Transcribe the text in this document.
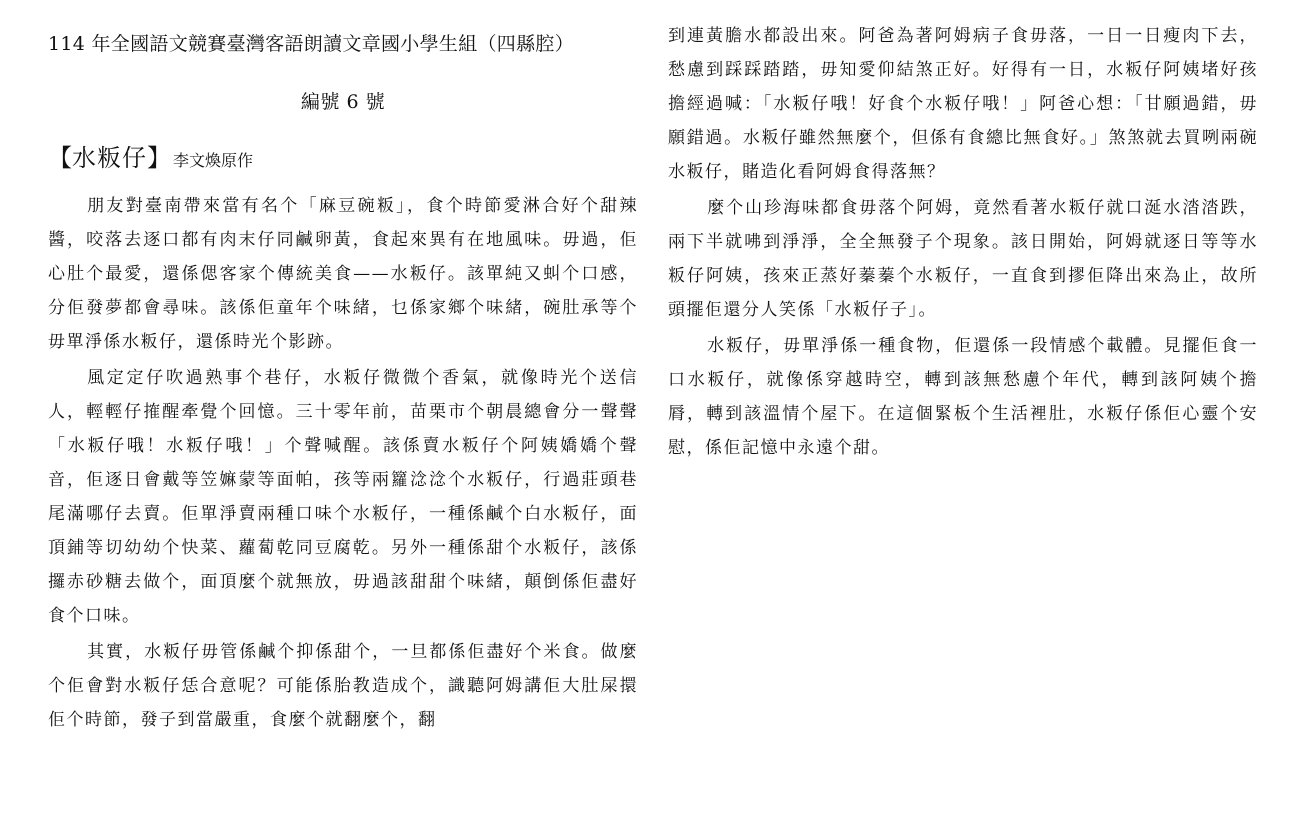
114 年全國語文競賽臺灣客語朗讀文章國小學生組（四縣腔）
編號 6 號
【水粄仔】 李文煥原作

朋友對臺南帶來當有名个「麻豆碗粄」，食个時節愛淋合好个甜辣醬，咬落去逐口都有肉末仔同鹹卵黃，食起來異有在地風味。毋過，佢心肚个最愛，還係偲客家个傳統美食——水粄仔。該單純又虯个口感，分佢發夢都會尋味。該係佢童年个味緒，乜係家鄉个味緒，碗肚承等个毋單淨係水粄仔，還係時光个影跡。

風定定仔吹過熟事个巷仔，水粄仔微微个香氣，就像時光个送信人，輕輕仔搉醒牽覺个回憶。三十零年前，苗栗市个朝晨總會分一聲聲「水粄仔哦！水粄仔哦！」个聲喊醒。該係賣水粄仔个阿姨嬌嬌个聲音，佢逐日會戴等笠嫲蒙等面帕，孩等兩籮淰淰个水粄仔，行過莊頭巷尾滿哪仔去賣。佢單淨賣兩種口味个水粄仔，一種係鹹个白水粄仔，面頂鋪等切幼幼个快菜、蘿蔔乾同豆腐乾。另外一種係甜个水粄仔，該係攞赤砂糖去做个，面頂麼个就無放，毋過該甜甜个味緒，顛倒係佢盡好食个口味。

其實，水粄仔毋管係鹹个抑係甜个，一旦都係佢盡好个米食。做麼个佢會對水粄仔恁合意呢？可能係胎教造成个，識聽阿姆講佢大肚屎擐佢个時節，發子到當嚴重，食麼个就翻麼个，翻

到連黃膽水都設出來。阿爸為著阿姆病子食毋落，一日一日瘦肉下去，愁慮到踩踩踏踏，毋知愛仰結煞正好。好得有一日，水粄仔阿姨堵好孩擔經過喊：「水粄仔哦！好食个水粄仔哦！」阿爸心想：「甘願過錯，毋願錯過。水粄仔雖然無麼个，但係有食總比無食好。」煞煞就去買咧兩碗水粄仔，賭造化看阿姆食得落無？

麼个山珍海味都食毋落个阿姆，竟然看著水粄仔就口涎水涾涾跌，兩下半就咈到淨淨，全全無發子个現象。該日開始，阿姆就逐日等等水粄仔阿姨，孩來正蒸好蓁蓁个水粄仔，一直食到摎佢降出來為止，故所頭擺佢還分人笑係「水粄仔子」。

水粄仔，毋單淨係一種食物，佢還係一段情感个載體。見擺佢食一口水粄仔，就像係穿越時空，轉到該無愁慮个年代，轉到該阿姨个擔脣，轉到該溫情个屋下。在這個緊板个生活裡肚，水粄仔係佢心靈个安慰，係佢記憶中永遠个甜。
